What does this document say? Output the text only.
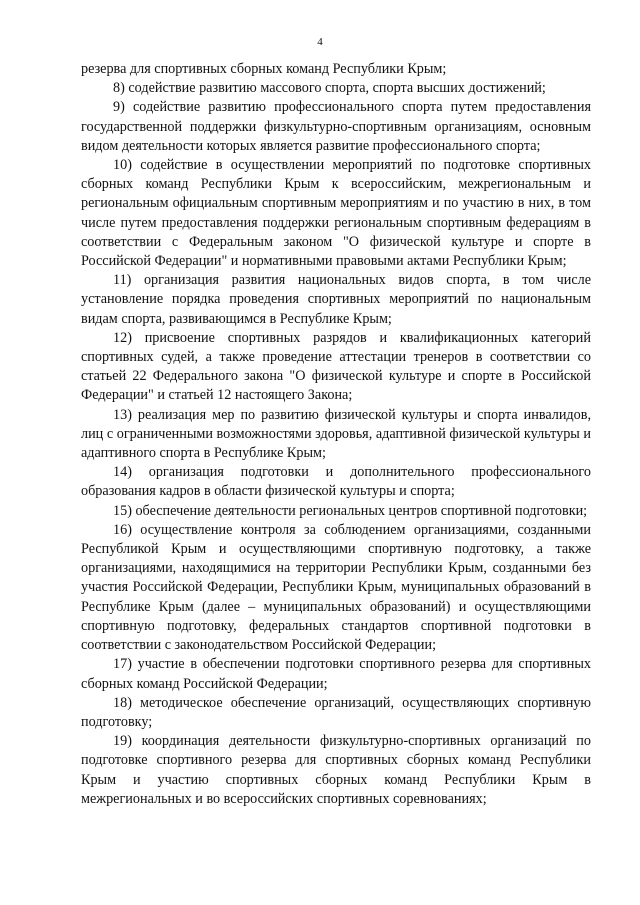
4

резерва для спортивных сборных команд Республики Крым;

8) содействие развитию массового спорта, спорта высших достижений;

9) содействие развитию профессионального спорта путем предоставления государственной поддержки физкультурно-спортивным организациям, основным видом деятельности которых является развитие профессионального спорта;

10) содействие в осуществлении мероприятий по подготовке спортивных сборных команд Республики Крым к всероссийским, межрегиональным и региональным официальным спортивным мероприятиям и по участию в них, в том числе путем предоставления поддержки региональным спортивным федерациям в соответствии с Федеральным законом "О физической культуре и спорте в Российской Федерации" и нормативными правовыми актами Республики Крым;

11) организация развития национальных видов спорта, в том числе установление порядка проведения спортивных мероприятий по национальным видам спорта, развивающимся в Республике Крым;

12) присвоение спортивных разрядов и квалификационных категорий спортивных судей, а также проведение аттестации тренеров в соответствии со статьей 22 Федерального закона "О физической культуре и спорте в Российской Федерации" и статьей 12 настоящего Закона;

13) реализация мер по развитию физической культуры и спорта инвалидов, лиц с ограниченными возможностями здоровья, адаптивной физической культуры и адаптивного спорта в Республике Крым;

14) организация подготовки и дополнительного профессионального образования кадров в области физической культуры и спорта;

15) обеспечение деятельности региональных центров спортивной подготовки;

16) осуществление контроля за соблюдением организациями, созданными Республикой Крым и осуществляющими спортивную подготовку, а также организациями, находящимися на территории Республики Крым, созданными без участия Российской Федерации, Республики Крым, муниципальных образований в Республике Крым (далее – муниципальных образований) и осуществляющими спортивную подготовку, федеральных стандартов спортивной подготовки в соответствии с законодательством Российской Федерации;

17) участие в обеспечении подготовки спортивного резерва для спортивных сборных команд Российской Федерации;

18) методическое обеспечение организаций, осуществляющих спортивную подготовку;

19) координация деятельности физкультурно-спортивных организаций по подготовке спортивного резерва для спортивных сборных команд Республики Крым и участию спортивных сборных команд Республики Крым в межрегиональных и во всероссийских спортивных соревнованиях;
